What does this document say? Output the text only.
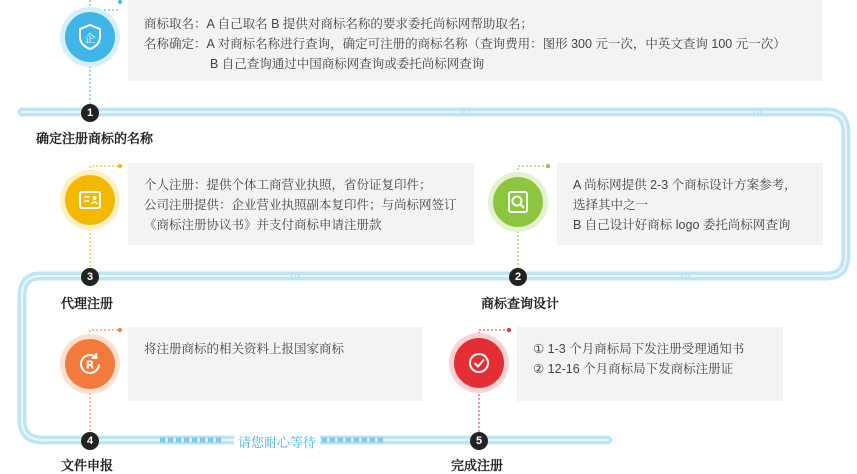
›››	›››
‹‹‹	‹‹‹
商标取名：A 自己取名 B 提供对商标名称的要求委托尚标网帮助取名；
名称确定：A 对商标名称进行查询，确定可注册的商标名称（查询费用：图形 300 元一次，中英文查询 100 元一次）
B 自己查询通过中国商标网查询或委托尚标网查询
企
1
确定注册商标的名称
A 尚标网提供 2-3 个商标设计方案参考，
选择其中之一
B 自己设计好商标 logo 委托尚标网查询
2
商标查询设计
个人注册：提供个体工商营业执照，省份证复印件；
公司注册提供：企业营业执照副本复印件；与尚标网签订
《商标注册协议书》并支付商标申请注册款
3
代理注册
将注册商标的相关资料上报国家商标
R
4
文件申报
① 1-3 个月商标局下发注册受理通知书
② 12-16 个月商标局下发商标注册证
5
完成注册
请您耐心等待
